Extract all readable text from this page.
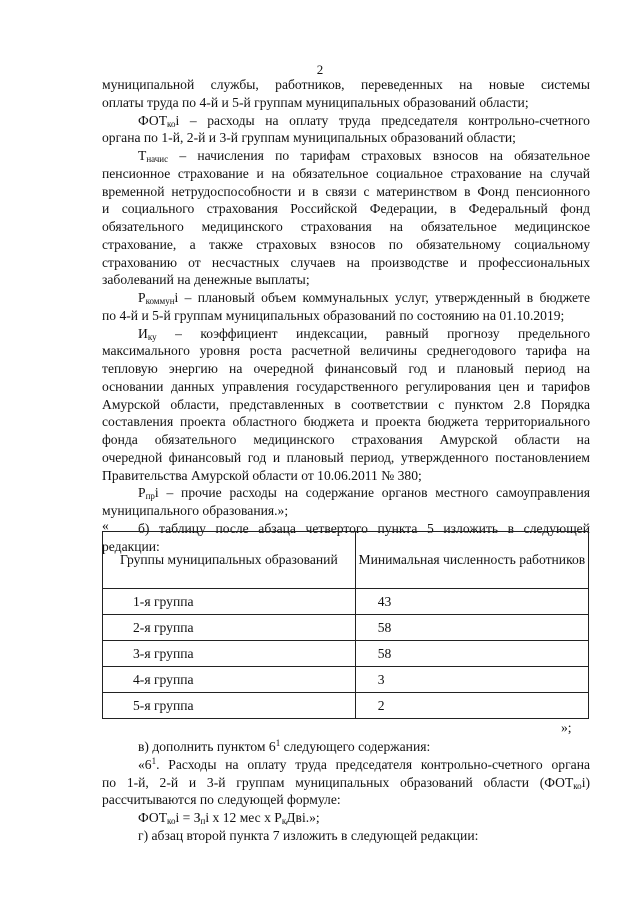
2
муниципальной службы, работников, переведенных на новые системы
оплаты труда по 4-й и 5-й группам муниципальных образований области;
$ФОТ_{ко}i$ – расходы на оплату труда председателя контрольно-счетного
органа по 1-й, 2-й и 3-й группам муниципальных образований области;
$Т_{начис}$ – начисления по тарифам страховых взносов на обязательное
пенсионное страхование и на обязательное социальное страхование на случай
временной нетрудоспособности и в связи с материнством в Фонд пенсионного
и социального страхования Российской Федерации, в Федеральный фонд
обязательного медицинского страхования на обязательное медицинское
страхование, а также страховых взносов по обязательному социальному
страхованию от несчастных случаев на производстве и профессиональных
заболеваний на денежные выплаты;
$Р_{коммун}i$ – плановый объем коммунальных услуг, утвержденный в бюджете
по 4-й и 5-й группам муниципальных образований по состоянию на 01.10.2019;
$И_{ку}$ – коэффициент индексации, равный прогнозу предельного
максимального уровня роста расчетной величины среднегодового тарифа на
тепловую энергию на очередной финансовый год и плановый период на
основании данных управления государственного регулирования цен и тарифов
Амурской области, представленных в соответствии с пунктом 2.8 Порядка
составления проекта областного бюджета и проекта бюджета территориального
фонда обязательного медицинского страхования Амурской области на
очередной финансовый год и плановый период, утвержденного постановлением
Правительства Амурской области от 10.06.2011 № 380;
$Р_{пр}i$ – прочие расходы на содержание органов местного самоуправления
муниципального образования.»;
б) таблицу после абзаца четвертого пункта 5 изложить в следующей
редакции:
«
Группы муниципальных образований	Минимальная численность работников
1-я группа	43
2-я группа	58
3-я группа	58
4-я группа	3
5-я группа	2
»;
в) дополнить пунктом $6^1$ следующего содержания:
«$6^1$. Расходы на оплату труда председателя контрольно-счетного органа
по 1-й, 2-й и 3-й группам муниципальных образований области $(ФОТ_{ко}i)$
рассчитываются по следующей формуле:
$ФОТ_{ко}i = З_пi$ x 12 мес x $Р_кДві$.»;
г) абзац второй пункта 7 изложить в следующей редакции:
